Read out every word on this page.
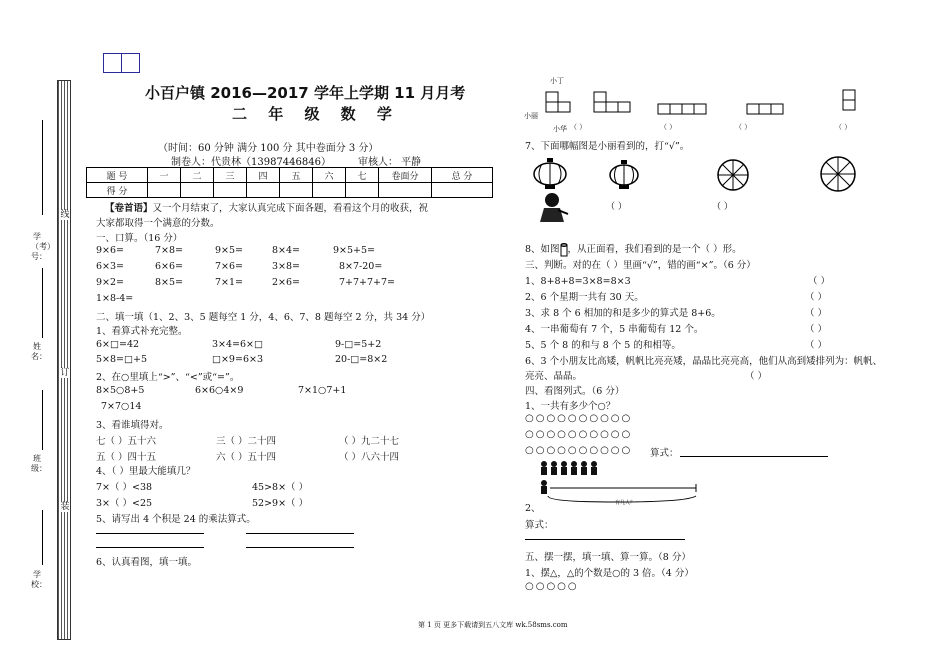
线
订
装
学（考）号：
姓名：
班级：
学校：
小百户镇 2016—2017 学年上学期 11 月月考
二 年 级 数 学
（时间：60 分钟 满分 100 分 其中卷面分 3 分）
制卷人：代贵林（13987446846）	审核人： 平静
题 号	一	二	三	四	五	六	七	卷面分	总 分
得 分									
【卷首语】又一个月结束了，大家认真完成下面各题，看看这个月的收获，祝
大家都取得一个满意的分数。
一、口算。（16 分）
9×6=	7×8=	9×5=	8×4=	9×5+5=
6×3=	6×6=	7×6=	3×8=	8×7-20=
9×2=	8×5=	7×1=	2×6=	7+7+7+7=
1×8-4=
二、填一填（1、2、3、5 题每空 1 分，4、6、7、8 题每空 2 分，共 34 分）
1、看算式补充完整。
6×□=42	3×4=6×□	9-□=5+2
5×8=□+5	□×9=6×3	20-□=8×2
2、在○里填上“>”、“<”或“=”。
8×5○8+5	6×6○4×9	7×1○7+1
7×7○14
3、看谁填得对。
七（ ）五十六	三（ ）二十四	（ ）九二十七
五（ ）四十五	六（ ）五十四	（ ）八六十四
4、（ ）里最大能填几？
7×（ ）<38	45>8×（ ）
3×（ ）<25	52>9×（ ）
5、请写出 4 个积是 24 的乘法算式。
6、认真看图，填一填。
小丁
小丽
小华 （ ）	（ ）	（ ）	（ ）
7、下面哪幅图是小丽看到的，打“√”。
（ ）	（ ）
8、如图 ，从正面看，我们看到的是一个（ ）形。
三、判断。对的在（ ）里画“√”，错的画“×”。（6 分）
1、8+8+8=3×8=8×3	（ ）
2、6 个星期一共有 30 天。	（ ）
3、求 8 个 6 相加的和是多少的算式是 8+6。	（ ）
4、一串葡萄有 7 个，5 串葡萄有 12 个。	（ ）
5、5 个 8 的和与 8 个 5 的和相等。	（ ）
6、3 个小朋友比高矮，帆帆比亮亮矮，晶晶比亮亮高，他们从高到矮排列为：帆帆、
亮亮、晶晶。	（ ）
四、看图列式。（6 分）
1、一共有多少个○？
○○○○○○○○○○
○○○○○○○○○○
○○○○○○○○○○ 算式：
有几人？
2、
算式：
五、摆一摆，填一填、算一算。（8 分）
1、摆△，△的个数是○的 3 倍。（4 分）
○○○○○
第 1 页 更多下载请到五八文库 wk.58sms.com
